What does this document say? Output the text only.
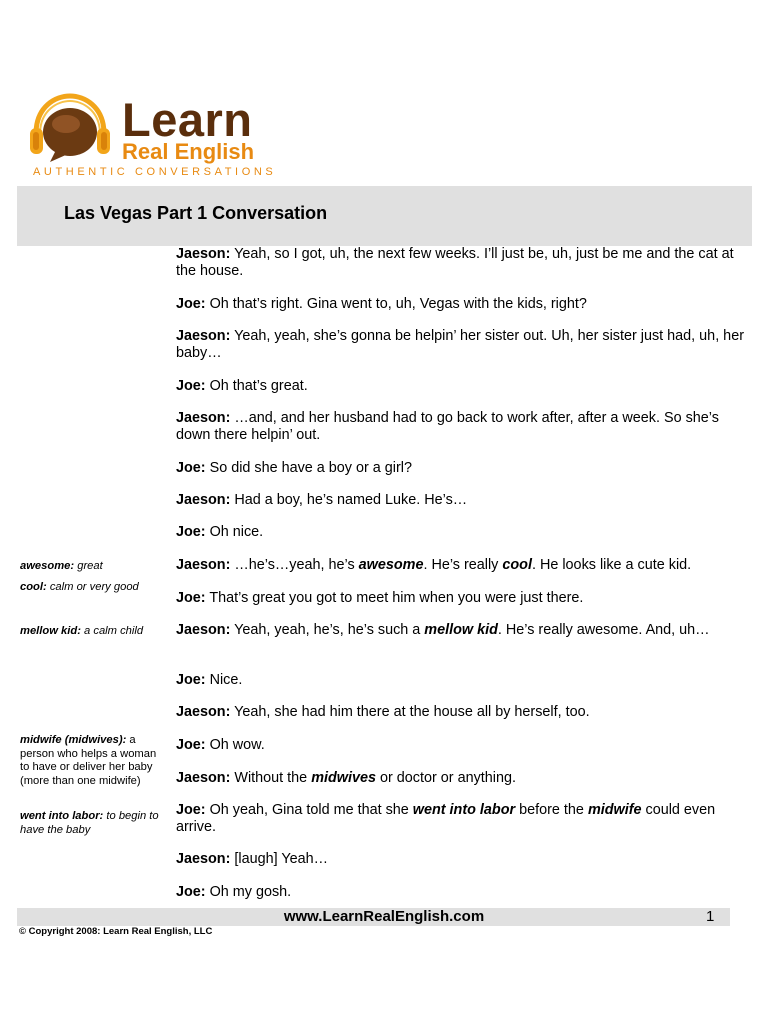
Learn
Real English
AUTHENTIC CONVERSATIONS
Las Vegas Part 1 Conversation
Jaeson: Yeah, so I got, uh, the next few weeks. I’ll just be, uh, just be me and the cat at the house.
Joe: Oh that’s right. Gina went to, uh, Vegas with the kids, right?
Jaeson: Yeah, yeah, she’s gonna be helpin’ her sister out. Uh, her sister just had, uh, her baby…
Joe: Oh that’s great.
Jaeson: …and, and her husband had to go back to work after, after a week. So she’s down there helpin’ out.
Joe: So did she have a boy or a girl?
Jaeson: Had a boy, he’s named Luke. He’s…
Joe: Oh nice.
Jaeson: …he’s…yeah, he’s awesome. He’s really cool. He looks like a cute kid.
Joe: That’s great you got to meet him when you were just there.
Jaeson: Yeah, yeah, he’s, he’s such a mellow kid. He’s really awesome. And, uh…
Joe: Nice.
Jaeson: Yeah, she had him there at the house all by herself, too.
Joe: Oh wow.
Jaeson: Without the midwives or doctor or anything.
Joe: Oh yeah, Gina told me that she went into labor before the midwife could even arrive.
Jaeson: [laugh] Yeah…
Joe: Oh my gosh.
awesome: great
cool: calm or very good
mellow kid: a calm child
midwife (midwives): a person who helps a woman to have or deliver her baby (more than one midwife)
went into labor: to begin to have the baby
www.LearnRealEnglish.com	1
© Copyright 2008: Learn Real English, LLC
